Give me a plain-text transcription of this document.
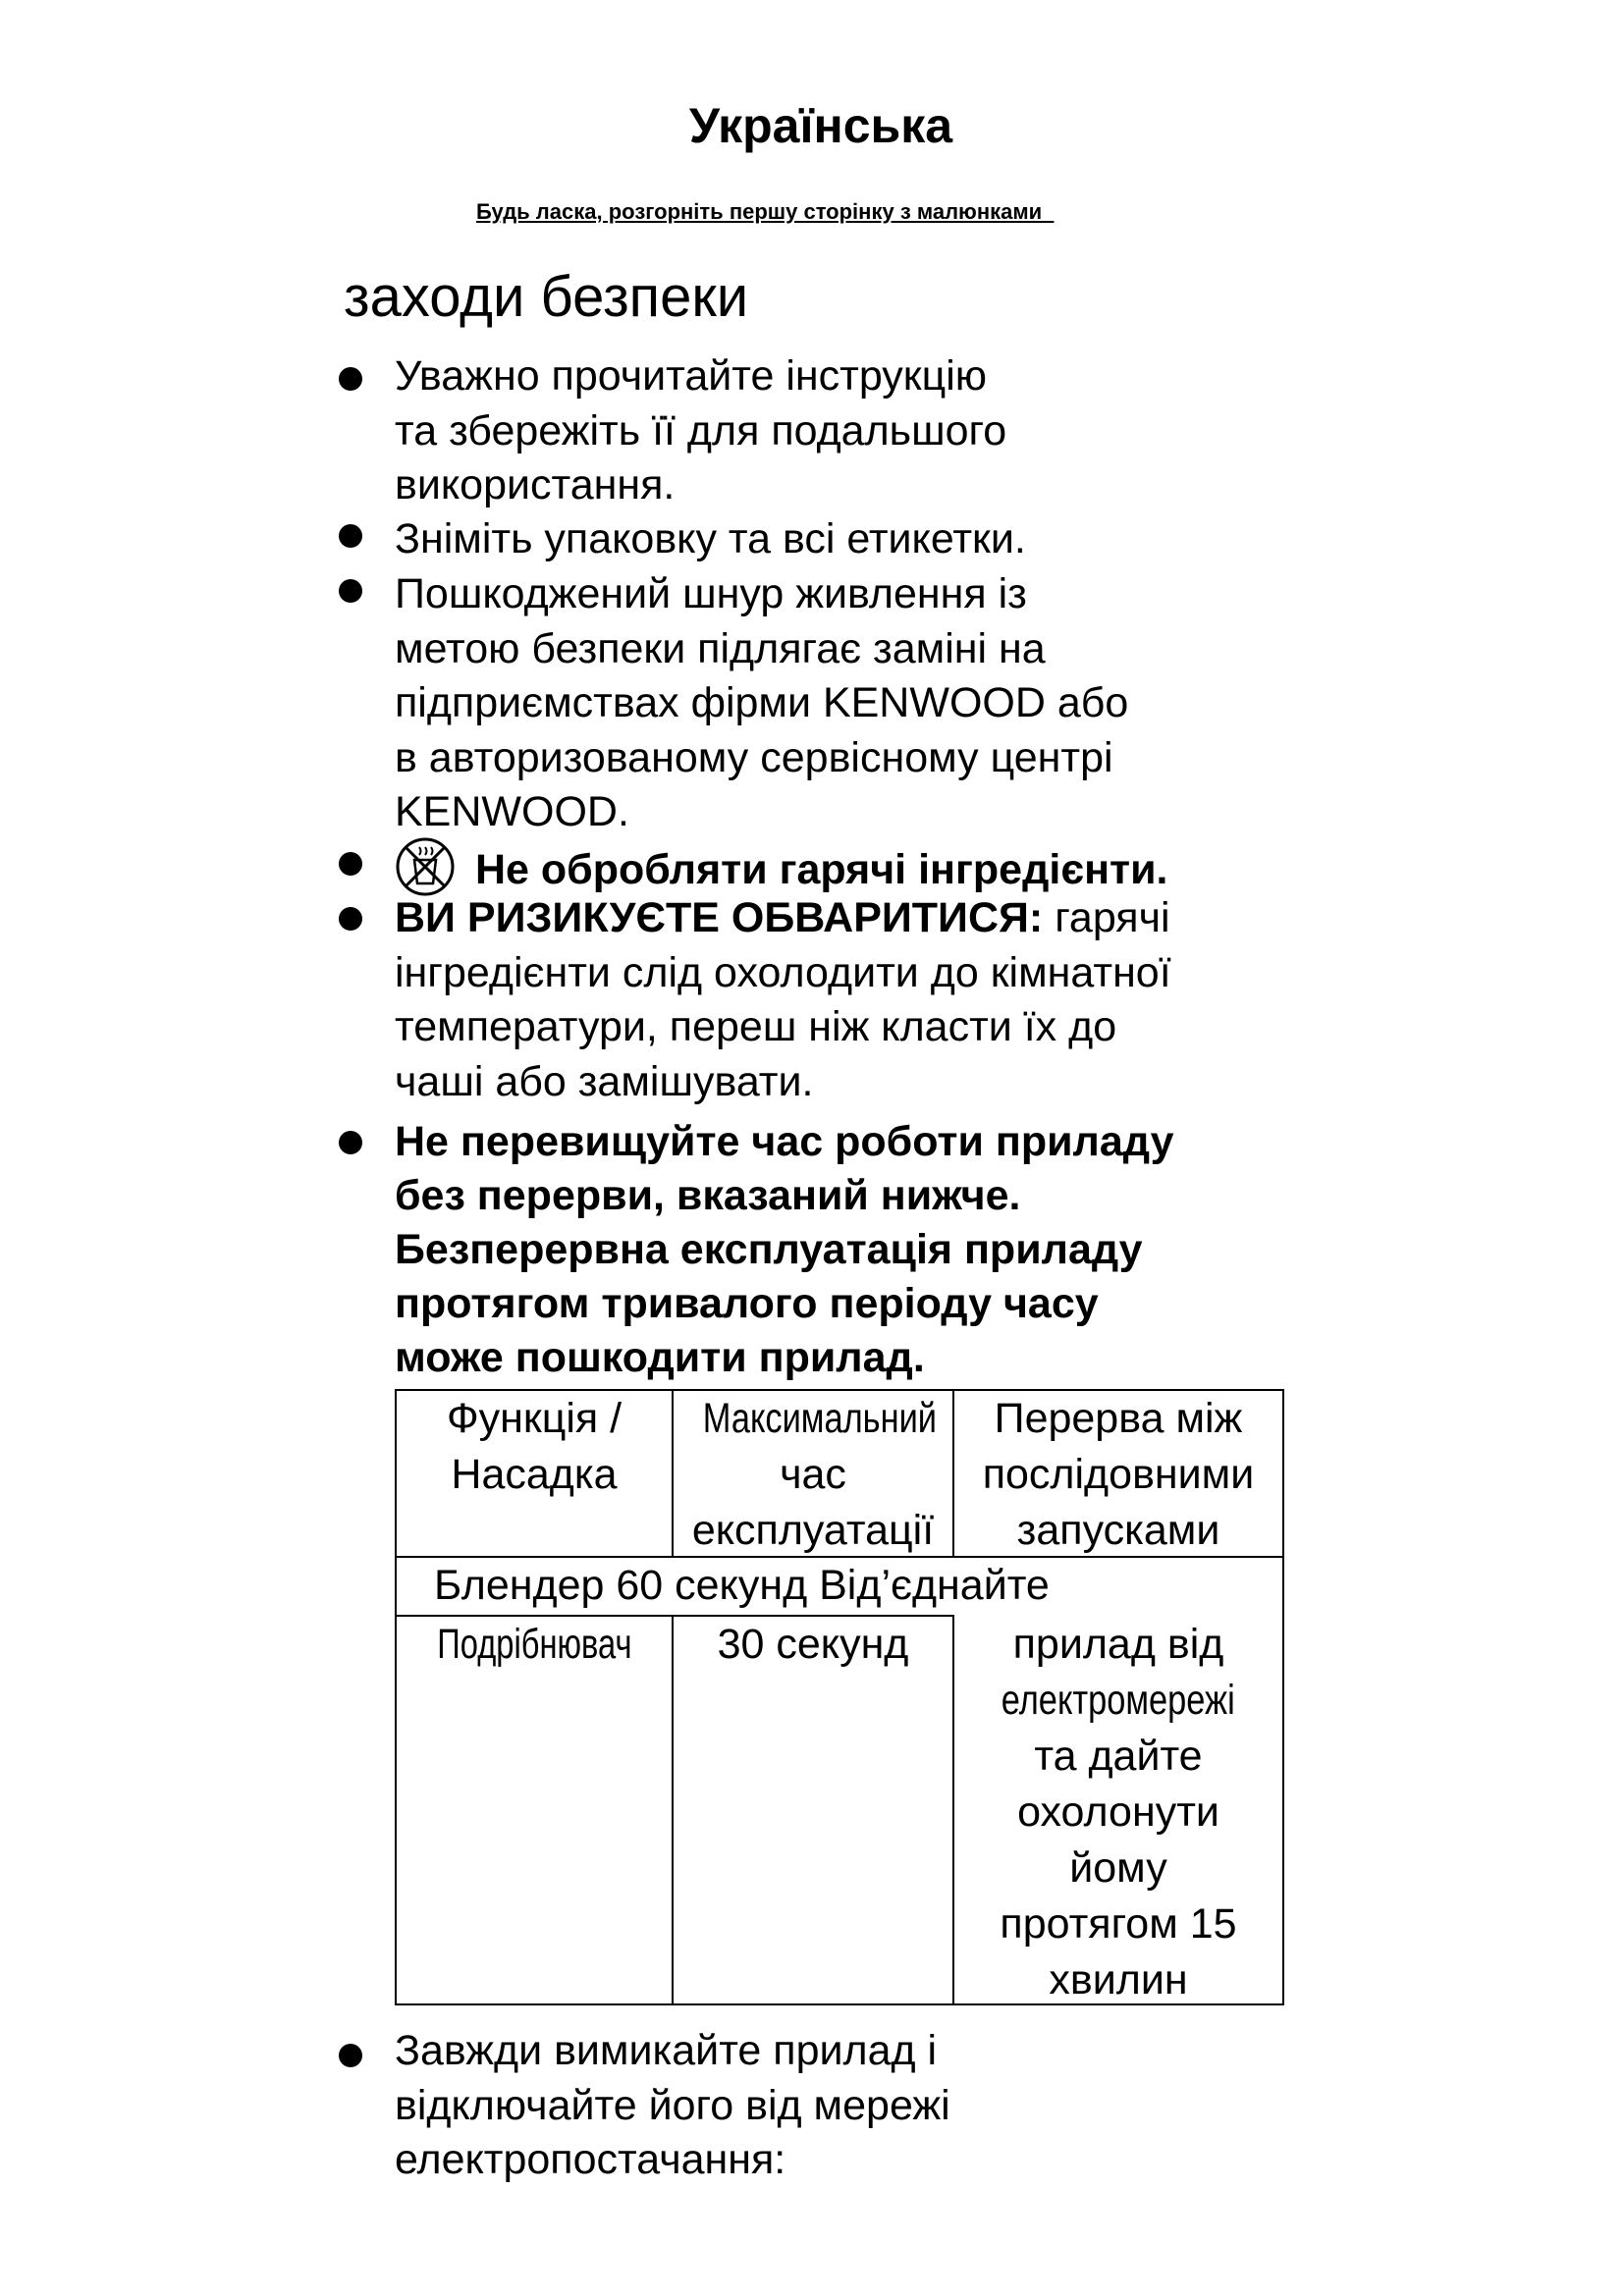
Українська
Будь ласка, розгорніть першу сторінку з малюнками
заходи безпеки
Уважно прочитайте інструкцію
та збережіть її для подальшого
використання.
Зніміть упаковку та всі етикетки.
Пошкоджений шнур живлення із
метою безпеки підлягає заміні на
підприємствах фірми KENWOOD або
в авторизованому сервісному центрі
KENWOOD.
Не обробляти гарячі інгредієнти.
ВИ РИЗИКУЄТЕ ОБВАРИТИСЯ: гарячі
інгредієнти слід охолодити до кімнатної
температури, переш ніж класти їх до
чаші або замішувати.
Не перевищуйте час роботи приладу
без перерви, вказаний нижче.
Безперервна експлуатація приладу
протягом тривалого періоду часу
може пошкодити прилад.
Функція /
Насадка
Максимальний
час
експлуатації
Перерва між
послідовними
запусками
Блендер 60 секунд Від’єднайте
Подрібнювач	30 секунд	прилад від
електромережі
та дайте
охолонути
йому
протягом 15
хвилин
Завжди вимикайте прилад і
відключайте його від мережі
електропостачання:
